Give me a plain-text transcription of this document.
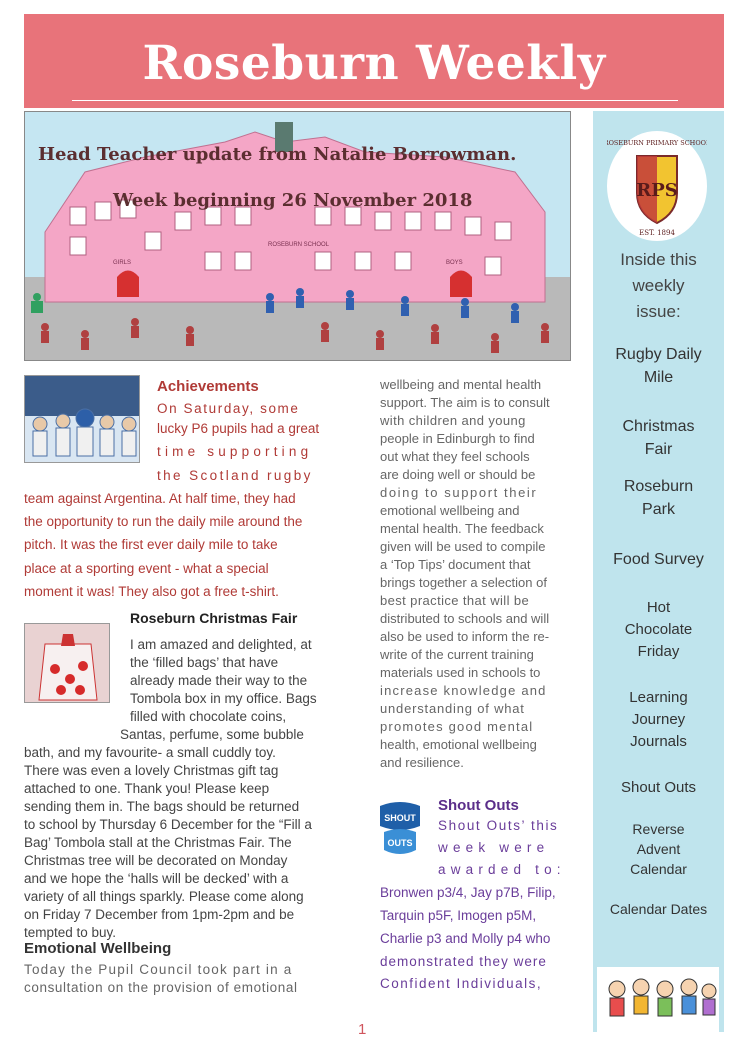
Roseburn Weekly
ROSEBURN SCHOOL
GIRLS	BOYS
Head Teacher update from Natalie Borrowman.
Week beginning 26 November 2018	RPS
ROSEBURN PRIMARY SCHOOL
EST. 1894
Inside this
weekly
issue:
Rugby Daily
Mile
Christmas
Fair
Roseburn
Park
Food Survey
Hot
Chocolate
Friday
Learning
Journey
Journals
Shout Outs
Reverse
Advent
Calendar
Calendar Dates
Achievements
On Saturday, some
lucky P6 pupils had a great
time supporting
the Scotland rugby
team against Argentina. At half time, they had
the opportunity to run the daily mile around the
pitch. It was the first ever daily mile to take
place at a sporting event - what a special
moment it was! They also got a free t-shirt.
Roseburn Christmas Fair
I am amazed and delighted, at
the ‘filled bags’ that have
already made their way to the
Tombola box in my office. Bags
filled with chocolate coins,
Santas, perfume, some bubble
bath, and my favourite- a small cuddly toy.
There was even a lovely Christmas gift tag
attached to one. Thank you! Please keep
sending them in. The bags should be returned
to school by Thursday 6 December for the “Fill a
Bag’ Tombola stall at the Christmas Fair. The
Christmas tree will be decorated on Monday
and we hope the ‘halls will be decked’ with a
variety of all things sparkly. Please come along
on Friday 7 December from 1pm-2pm and be
tempted to buy.
Emotional Wellbeing
Today the Pupil Council took part in a
consultation on the provision of emotional
wellbeing and mental health
support. The aim is to consult
with children and young
people in Edinburgh to find
out what they feel schools
are doing well or should be
doing to support their
emotional wellbeing and
mental health. The feedback
given will be used to compile
a ‘Top Tips’ document that
brings together a selection of
best practice that will be
distributed to schools and will
also be used to inform the re-
write of the current training
materials used in schools to
increase knowledge and
understanding of what
promotes good mental
health, emotional wellbeing
and resilience.
SHOUT
OUTS
Shout Outs
Shout Outs’ this
week were
awarded to:
Bronwen p3/4, Jay p7B, Filip,
Tarquin p5F, Imogen p5M,
Charlie p3 and Molly p4 who
demonstrated they were
Confident Individuals,
1
